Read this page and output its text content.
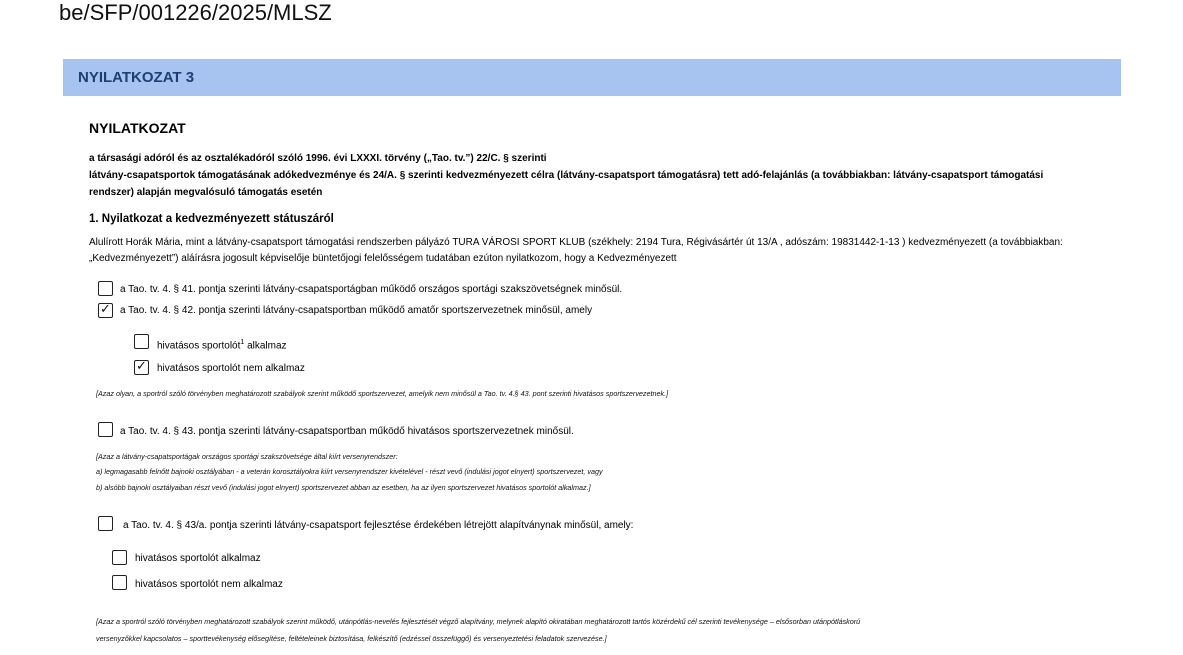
be/SFP/001226/2025/MLSZ
NYILATKOZAT 3
NYILATKOZAT
a társasági adóról és az osztalékadóról szóló 1996. évi LXXXI. törvény („Tao. tv.”) 22/C. § szerinti
látvány-csapatsportok támogatásának adókedvezménye és 24/A. § szerinti kedvezményezett célra (látvány-csapatsport támogatásra) tett adó-felajánlás (a továbbiakban: látvány-csapatsport támogatási rendszer) alapján megvalósuló támogatás esetén
1. Nyilatkozat a kedvezményezett státuszáról
Alulírott Horák Mária, mint a látvány-csapatsport támogatási rendszerben pályázó TURA VÁROSI SPORT KLUB (székhely: 2194 Tura, Régivásártér út 13/A , adószám: 19831442-1-13 ) kedvezményezett (a továbbiakban: „Kedvezményezett”) aláírásra jogosult képviselője büntetőjogi felelősségem tudatában ezúton nyilatkozom, hogy a Kedvezményezett
a Tao. tv. 4. § 41. pontja szerinti látvány-csapatsportágban működő országos sportági szakszövetségnek minősül.
✓ a Tao. tv. 4. § 42. pontja szerinti látvány-csapatsportban működő amatőr sportszervezetnek minősül, amely
hivatásos sportolót$^1$ alkalmaz
✓ hivatásos sportolót nem alkalmaz
[Azaz olyan, a sportról szóló törvényben meghatározott szabályok szerint működő sportszervezet, amelyik nem minősül a Tao. tv. 4.§ 43. pont szerinti hivatásos sportszervezetnek.]
a Tao. tv. 4. § 43. pontja szerinti látvány-csapatsportban működő hivatásos sportszervezetnek minősül.
[Azaz a látvány-csapatsportágak országos sportági szakszövetsége által kiírt versenyrendszer:
a) legmagasabb felnőtt bajnoki osztályában - a veterán korosztályokra kiírt versenyrendszer kivételével - részt vevő (indulási jogot elnyert) sportszervezet, vagy
b) alsóbb bajnoki osztályaiban részt vevő (indulási jogot elnyert) sportszervezet abban az esetben, ha az ilyen sportszervezet hivatásos sportolót alkalmaz.]
a Tao. tv. 4. § 43/a. pontja szerinti látvány-csapatsport fejlesztése érdekében létrejött alapítványnak minősül, amely:
hivatásos sportolót alkalmaz
hivatásos sportolót nem alkalmaz
[Azaz a sportról szóló törvényben meghatározott szabályok szerint működő, utánpótlás-nevelés fejlesztését végző alapítvány, melynek alapító okiratában meghatározott tartós közérdekű cél szerinti tevékenysége – elsősorban utánpótláskorú
versenyzőkkel kapcsolatos – sporttevékenység elősegítése, feltételeinek biztosítása, felkészítő (edzéssel összefüggő) és versenyeztetési feladatok szervezése.]
